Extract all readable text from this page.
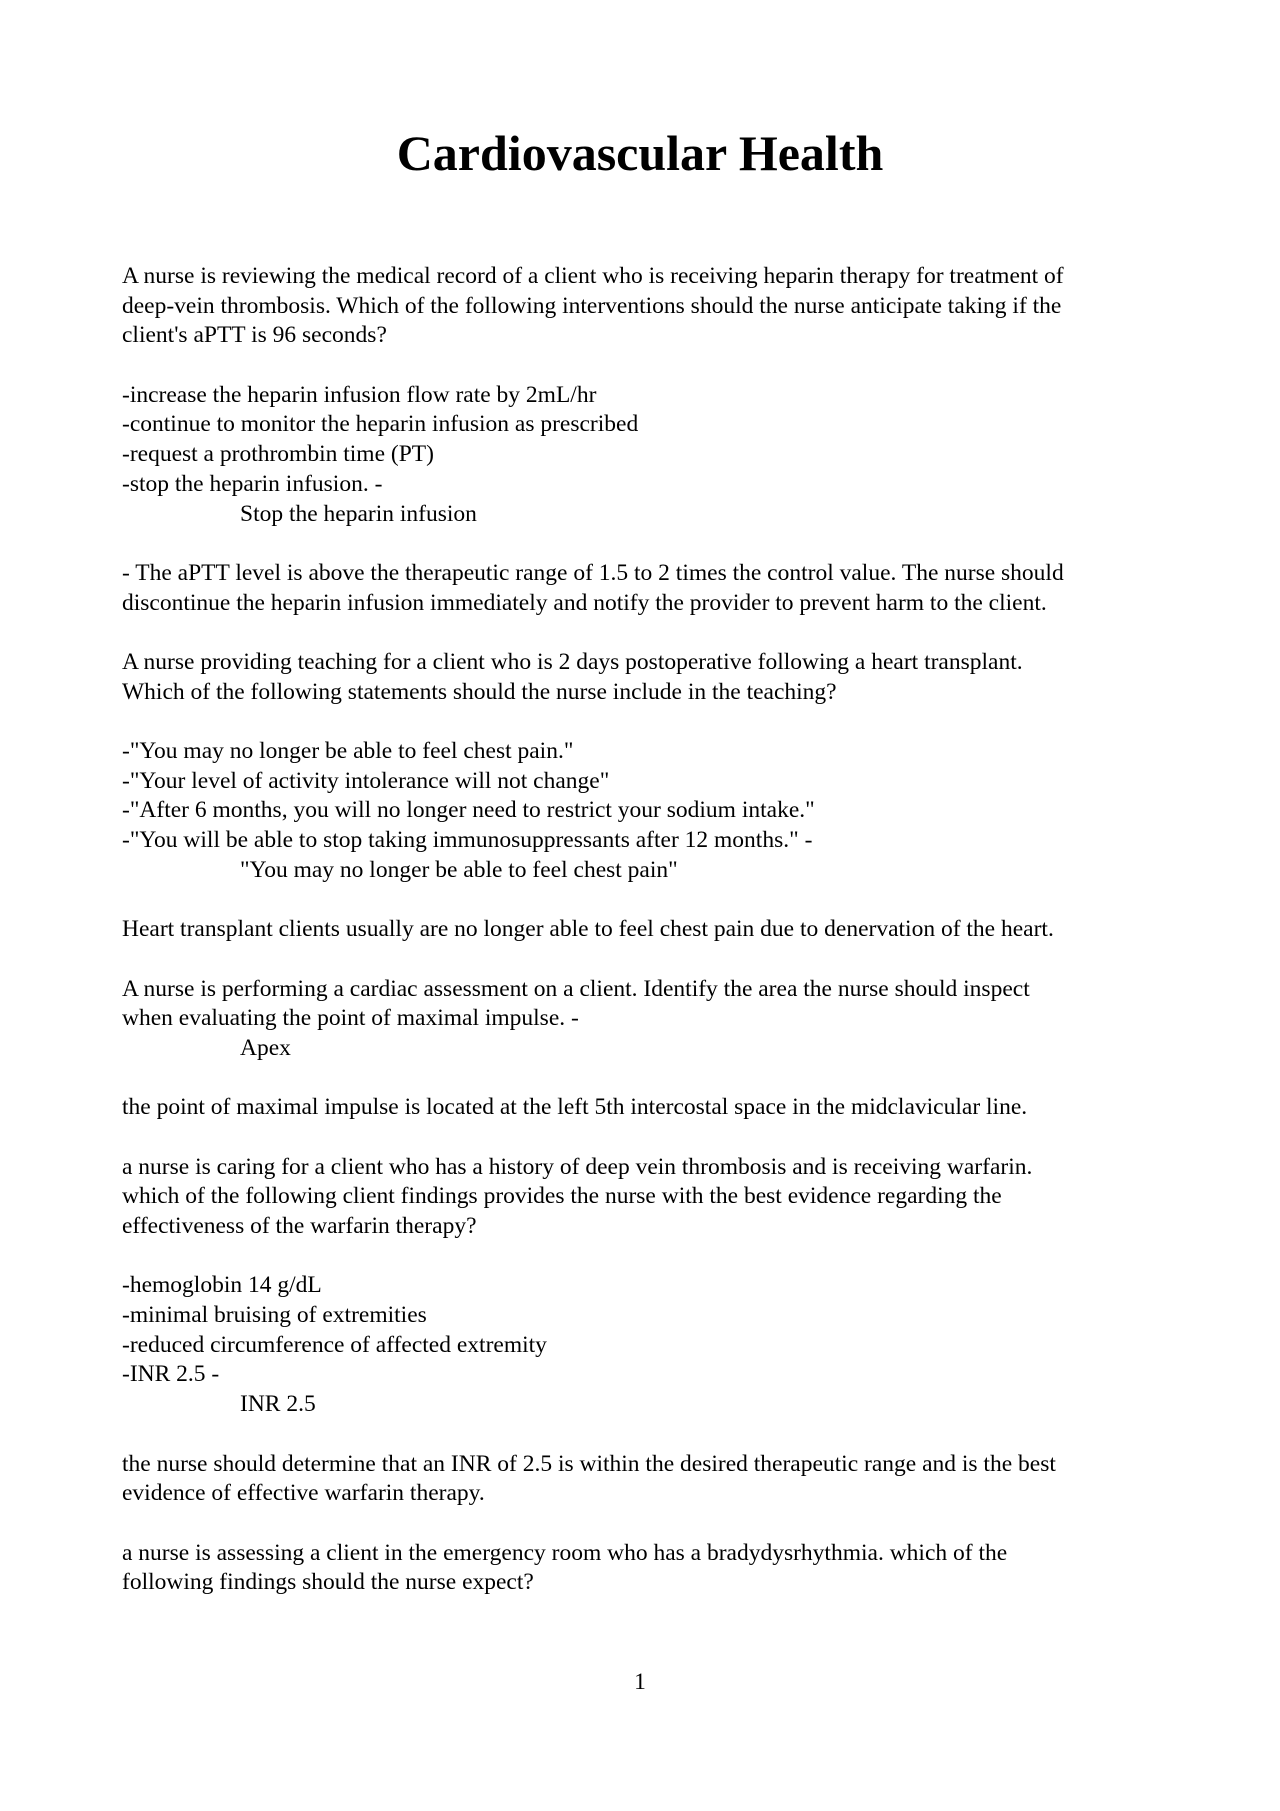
Cardiovascular Health
A nurse is reviewing the medical record of a client who is receiving heparin therapy for treatment of
deep-vein thrombosis. Which of the following interventions should the nurse anticipate taking if the
client's aPTT is 96 seconds?
-increase the heparin infusion flow rate by 2mL/hr
-continue to monitor the heparin infusion as prescribed
-request a prothrombin time (PT)
-stop the heparin infusion. -
Stop the heparin infusion
- The aPTT level is above the therapeutic range of 1.5 to 2 times the control value. The nurse should
discontinue the heparin infusion immediately and notify the provider to prevent harm to the client.
A nurse providing teaching for a client who is 2 days postoperative following a heart transplant.
Which of the following statements should the nurse include in the teaching?
-"You may no longer be able to feel chest pain."
-"Your level of activity intolerance will not change"
-"After 6 months, you will no longer need to restrict your sodium intake."
-"You will be able to stop taking immunosuppressants after 12 months." -
"You may no longer be able to feel chest pain"
Heart transplant clients usually are no longer able to feel chest pain due to denervation of the heart.
A nurse is performing a cardiac assessment on a client. Identify the area the nurse should inspect
when evaluating the point of maximal impulse. -
Apex
the point of maximal impulse is located at the left 5th intercostal space in the midclavicular line.
a nurse is caring for a client who has a history of deep vein thrombosis and is receiving warfarin.
which of the following client findings provides the nurse with the best evidence regarding the
effectiveness of the warfarin therapy?
-hemoglobin 14 g/dL
-minimal bruising of extremities
-reduced circumference of affected extremity
-INR 2.5 -
INR 2.5
the nurse should determine that an INR of 2.5 is within the desired therapeutic range and is the best
evidence of effective warfarin therapy.
a nurse is assessing a client in the emergency room who has a bradydysrhythmia. which of the
following findings should the nurse expect?
1
